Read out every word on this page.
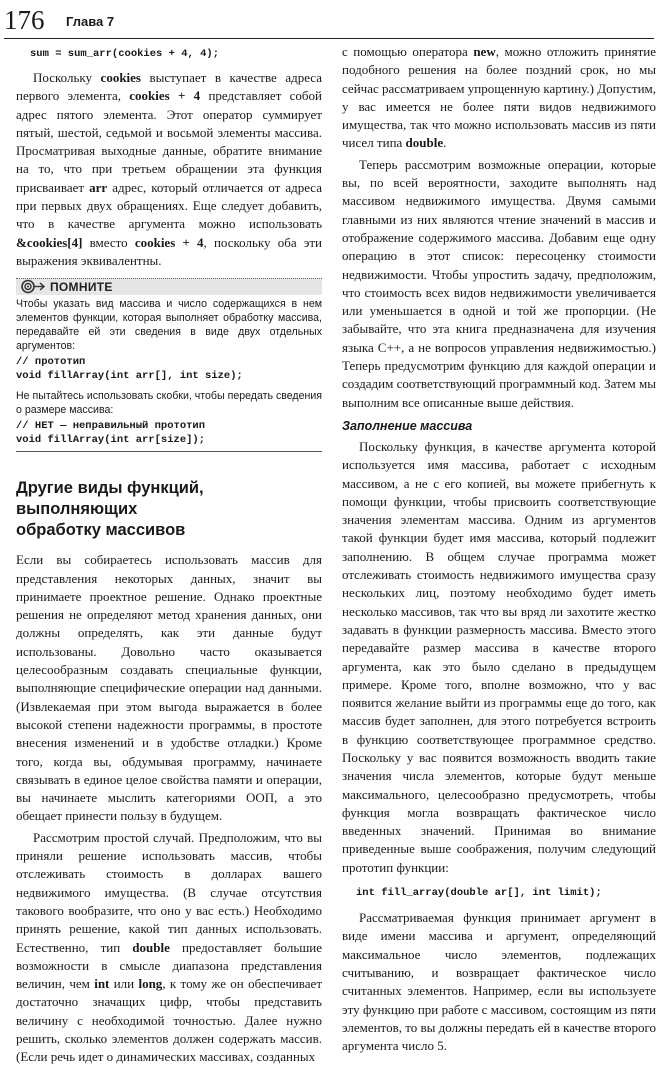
176 Глава 7
sum = sum_arr(cookies + 4, 4);

Поскольку cookies выступает в качестве адреса первого элемента, cookies + 4 представляет собой адрес пятого элемента. Этот оператор суммирует пятый, шестой, седьмой и восьмой элементы массива. Просматривая выходные данные, обратите внимание на то, что при третьем обращении эта функция присваивает arr адрес, который отличается от адреса при первых двух обращениях. Еще следует добавить, что в качестве аргумента можно использовать &cookies[4] вместо cookies + 4, поскольку оба эти выражения эквивалентны.

ПОМНИТЕ
Чтобы указать вид массива и число содержащихся в нем элементов функции, которая выполняет обработку массива, передавайте ей эти сведения в виде двух отдельных аргументов:
// прототип
void fillArray(int arr[], int size);
Не пытайтесь использовать скобки, чтобы передать сведения о размере массива:
// НЕТ — неправильный прототип
void fillArray(int arr[size]);
Другие виды функций, выполняющих
обработку массивов

Если вы собираетесь использовать массив для представления некоторых данных, значит вы принимаете проектное решение. Однако проектные решения не определяют метод хранения данных, они должны определять, как эти данные будут использованы. Довольно часто оказывается целесообразным создавать специальные функции, выполняющие специфические операции над данными. (Извлекаемая при этом выгода выражается в более высокой степени надежности программы, в простоте внесения изменений и в удобстве отладки.) Кроме того, когда вы, обдумывая программу, начинаете связывать в единое целое свойства памяти и операции, вы начинаете мыслить категориями ООП, а это обещает принести пользу в будущем.

Рассмотрим простой случай. Предположим, что вы приняли решение использовать массив, чтобы отслеживать стоимость в долларах вашего недвижимого имущества. (В случае отсутствия такового вообразите, что оно у вас есть.) Необходимо принять решение, какой тип данных использовать. Естественно, тип double предоставляет большие возможности в смысле диапазона представления величин, чем int или long, к тому же он обеспечивает достаточно значащих цифр, чтобы представить величину с необходимой точностью. Далее нужно решить, сколько элементов должен содержать массив. (Если речь идет о динамических массивах, созданных

с помощью оператора new, можно отложить принятие подобного решения на более поздний срок, но мы сейчас рассматриваем упрощенную картину.) Допустим, у вас имеется не более пяти видов недвижимого имущества, так что можно использовать массив из пяти чисел типа double.

Теперь рассмотрим возможные операции, которые вы, по всей вероятности, заходите выполнять над массивом недвижимого имущества. Двумя самыми главными из них являются чтение значений в массив и отображение содержимого массива. Добавим еще одну операцию в этот список: пересоценку стоимости недвижимости. Чтобы упростить задачу, предположим, что стоимость всех видов недвижимости увеличивается или уменьшается в одной и той же пропорции. (Не забывайте, что эта книга предназначена для изучения языка C++, а не вопросов управления недвижимостью.) Теперь предусмотрим функцию для каждой операции и создадим соответствующий программный код. Затем мы выполним все описанные выше действия.

Заполнение массива

Поскольку функция, в качестве аргумента которой используется имя массива, работает с исходным массивом, а не с его копией, вы можете прибегнуть к помощи функции, чтобы присвоить соответствующие значения элементам массива. Одним из аргументов такой функции будет имя массива, который подлежит заполнению. В общем случае программа может отслеживать стоимость недвижимого имущества сразу нескольких лиц, поэтому необходимо будет иметь несколько массивов, так что вы вряд ли захотите жестко задавать в функции размерность массива. Вместо этого передавайте размер массива в качестве второго аргумента, как это было сделано в предыдущем примере. Кроме того, вполне возможно, что у вас появится желание выйти из программы еще до того, как массив будет заполнен, для этого потребуется встроить в функцию соответствующее программное средство. Поскольку у вас появится возможность вводить такие значения числа элементов, которые будут меньше максимального, целесообразно предусмотреть, чтобы функция могла возвращать фактическое число введенных значений. Принимая во внимание приведенные выше соображения, получим следующий прототип функции:

int fill_array(double ar[], int limit);

Рассматриваемая функция принимает аргумент в виде имени массива и аргумент, определяющий максимальное число элементов, подлежащих считыванию, и возвращает фактическое число считанных элементов. Например, если вы используете эту функцию при работе с массивом, состоящим из пяти элементов, то вы должны передать ей в качестве второго аргумента число 5.
